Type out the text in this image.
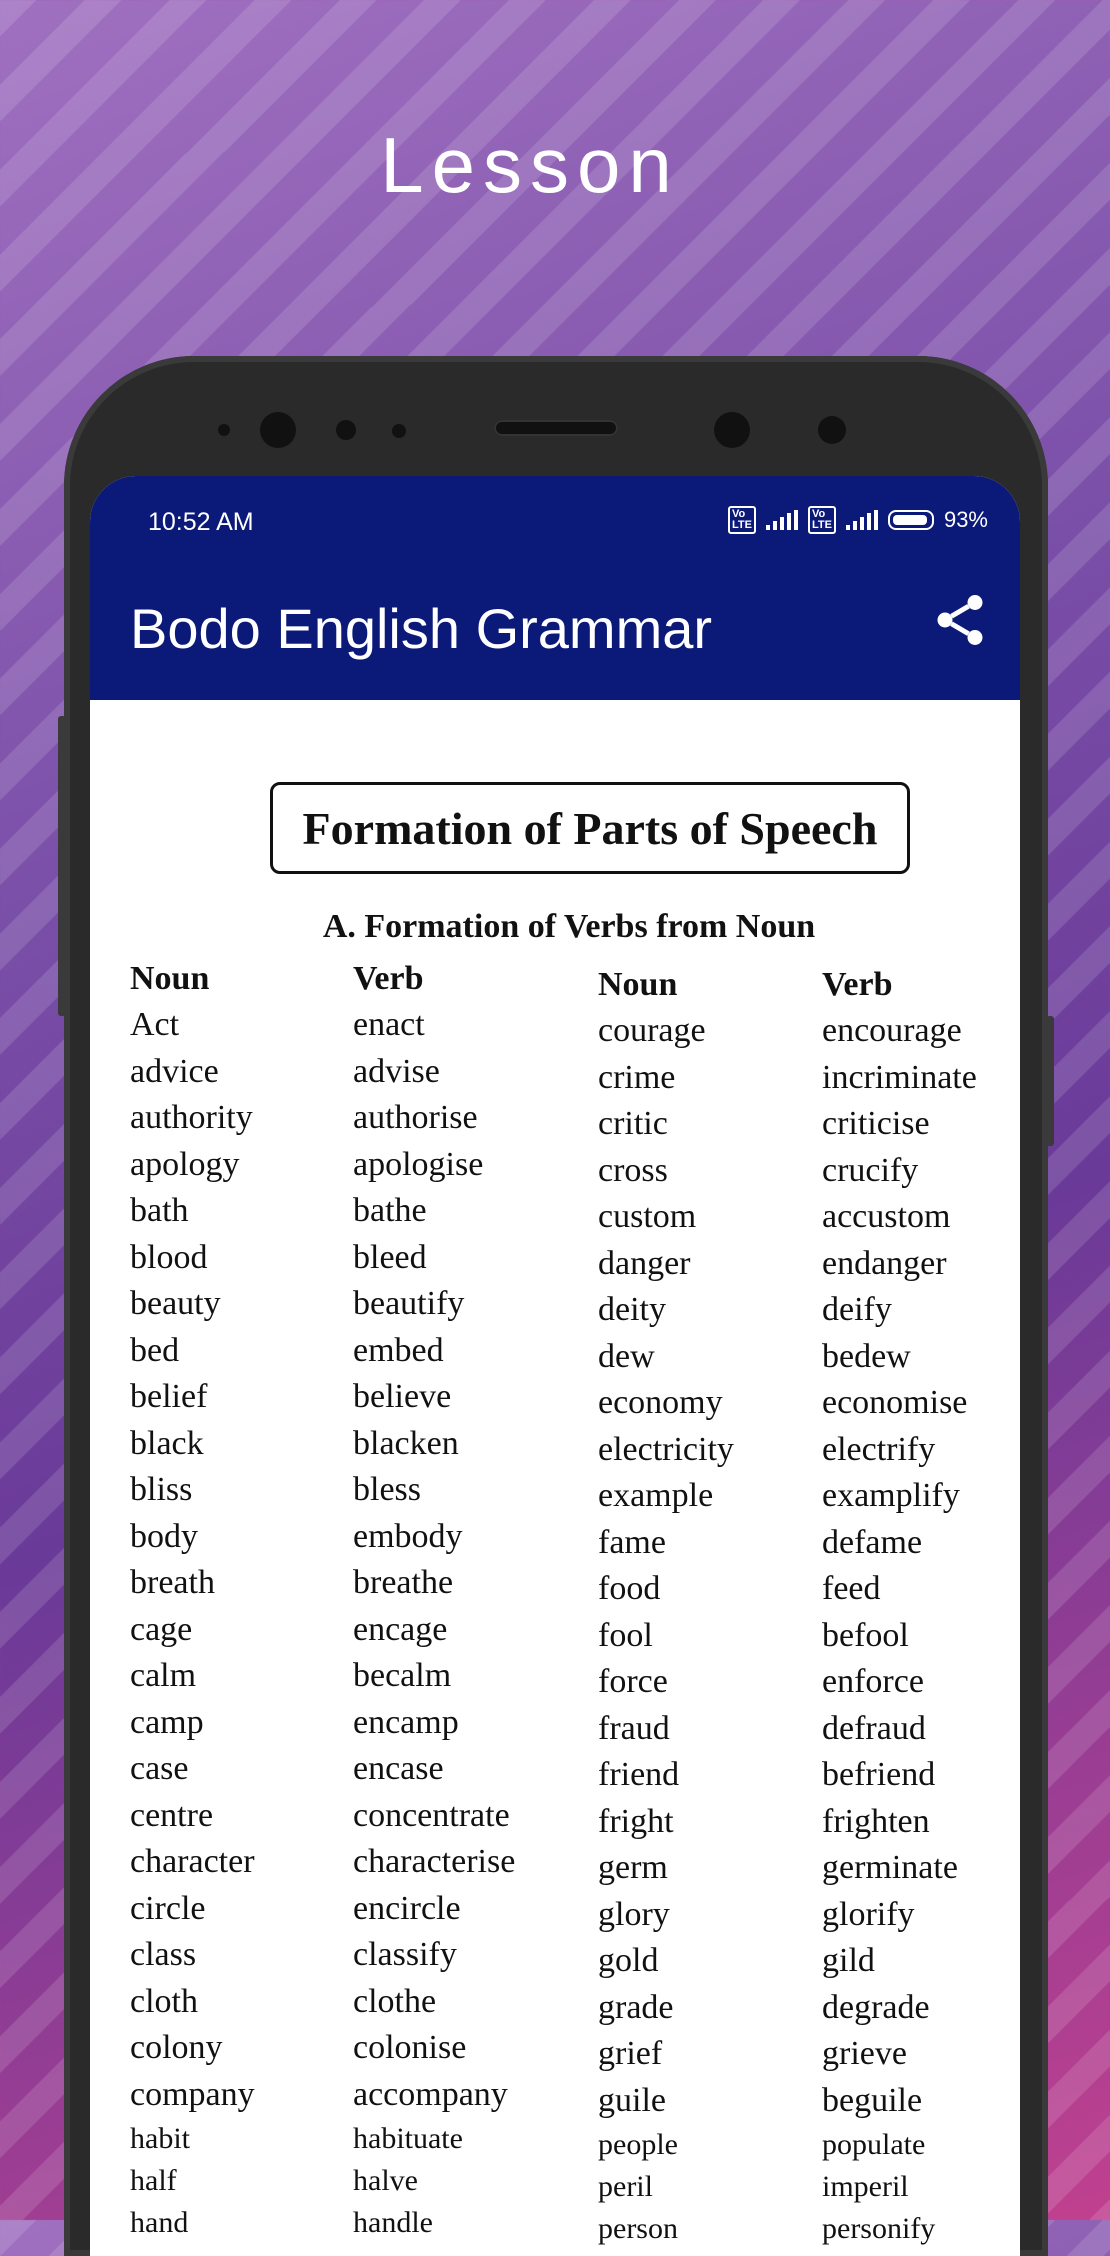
Lesson
10:52 AM	Vo
LTE
Vo
LTE	93%
Bodo English Grammar
Formation of Parts of Speech
A. Formation of Verbs from Noun
Noun
Act
advice
authority
apology
bath
blood
beauty
bed
belief
black
bliss
body
breath
cage
calm
camp
case
centre
character
circle
class
cloth
colony
company
habit
half
hand
Verb
enact
advise
authorise
apologise
bathe
bleed
beautify
embed
believe
blacken
bless
embody
breathe
encage
becalm
encamp
encase
concentrate
characterise
encircle
classify
clothe
colonise
accompany
habituate
halve
handle
Noun
courage
crime
critic
cross
custom
danger
deity
dew
economy
electricity
example
fame
food
fool
force
fraud
friend
fright
germ
glory
gold
grade
grief
guile
people
peril
person
Verb
encourage
incriminate
criticise
crucify
accustom
endanger
deify
bedew
economise
electrify
examplify
defame
feed
befool
enforce
defraud
befriend
frighten
germinate
glorify
gild
degrade
grieve
beguile
populate
imperil
personify
